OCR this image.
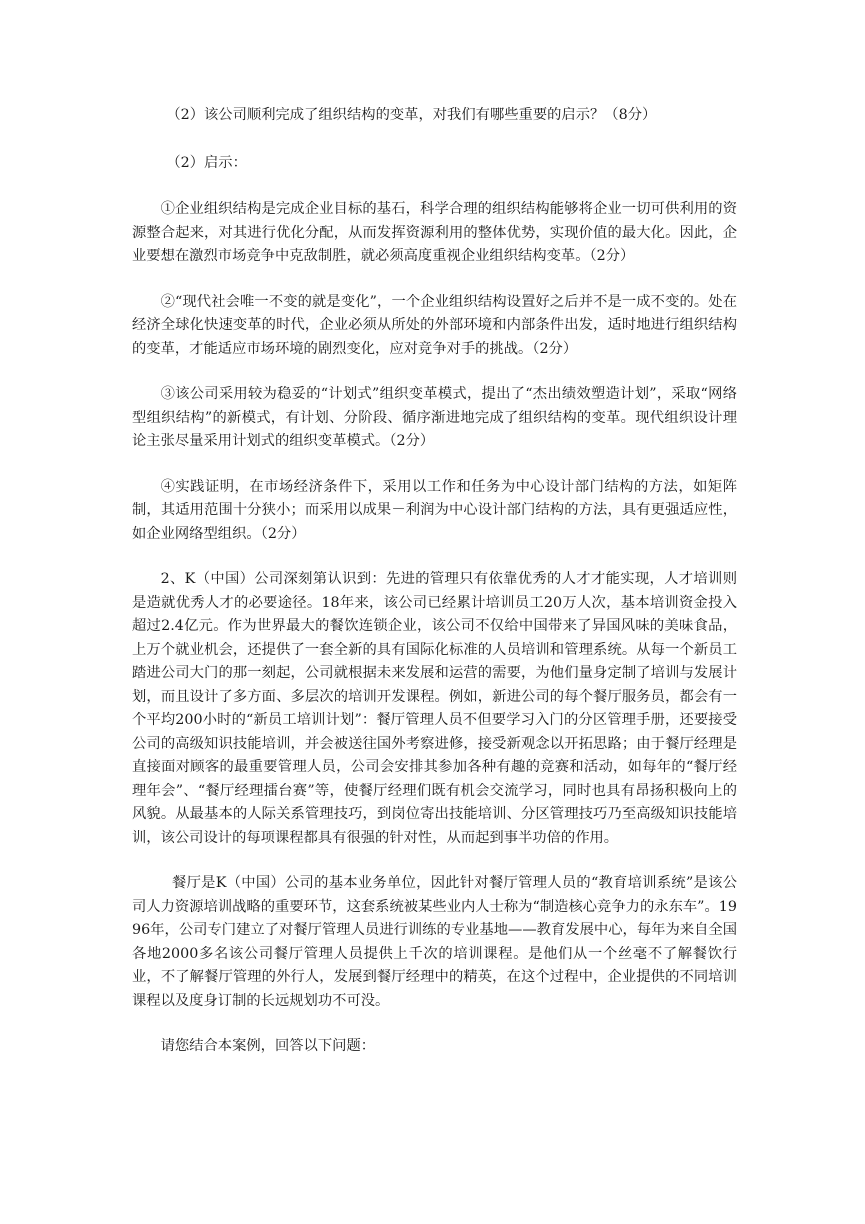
（2）该公司顺利完成了组织结构的变革，对我们有哪些重要的启示？（8分）

（2）启示：

①企业组织结构是完成企业目标的基石，科学合理的组织结构能够将企业一切可供利用的资源整合起来，对其进行优化分配，从而发挥资源利用的整体优势，实现价值的最大化。因此，企业要想在激烈市场竞争中克敌制胜，就必须高度重视企业组织结构变革。（2分）

②“现代社会唯一不变的就是变化”，一个企业组织结构设置好之后并不是一成不变的。处在经济全球化快速变革的时代，企业必须从所处的外部环境和内部条件出发，适时地进行组织结构的变革，才能适应市场环境的剧烈变化，应对竞争对手的挑战。（2分）

③该公司采用较为稳妥的“计划式”组织变革模式，提出了“杰出绩效塑造计划”，采取“网络型组织结构”的新模式，有计划、分阶段、循序渐进地完成了组织结构的变革。现代组织设计理论主张尽量采用计划式的组织变革模式。（2分）

④实践证明，在市场经济条件下，采用以工作和任务为中心设计部门结构的方法，如矩阵制，其适用范围十分狭小；而采用以成果－利润为中心设计部门结构的方法，具有更强适应性，如企业网络型组织。（2分）

2、K（中国）公司深刻第认识到：先进的管理只有依靠优秀的人才才能实现，人才培训则是造就优秀人才的必要途径。18年来，该公司已经累计培训员工20万人次，基本培训资金投入超过2.4亿元。作为世界最大的餐饮连锁企业，该公司不仅给中国带来了异国风味的美味食品，上万个就业机会，还提供了一套全新的具有国际化标准的人员培训和管理系统。从每一个新员工踏进公司大门的那一刻起，公司就根据未来发展和运营的需要，为他们量身定制了培训与发展计划，而且设计了多方面、多层次的培训开发课程。例如，新进公司的每个餐厅服务员，都会有一个平均200小时的“新员工培训计划”：餐厅管理人员不但要学习入门的分区管理手册，还要接受公司的高级知识技能培训，并会被送往国外考察进修，接受新观念以开拓思路；由于餐厅经理是直接面对顾客的最重要管理人员，公司会安排其参加各种有趣的竞赛和活动，如每年的“餐厅经理年会”、“餐厅经理擂台赛”等，使餐厅经理们既有机会交流学习，同时也具有昂扬积极向上的风貌。从最基本的人际关系管理技巧，到岗位寄出技能培训、分区管理技巧乃至高级知识技能培训，该公司设计的每项课程都具有很强的针对性，从而起到事半功倍的作用。

餐厅是K（中国）公司的基本业务单位，因此针对餐厅管理人员的“教育培训系统”是该公司人力资源培训战略的重要环节，这套系统被某些业内人士称为“制造核心竞争力的永东车”。1996年，公司专门建立了对餐厅管理人员进行训练的专业基地——教育发展中心，每年为来自全国各地2000多名该公司餐厅管理人员提供上千次的培训课程。是他们从一个丝毫不了解餐饮行业，不了解餐厅管理的外行人，发展到餐厅经理中的精英，在这个过程中，企业提供的不同培训课程以及度身订制的长远规划功不可没。

请您结合本案例，回答以下问题：
